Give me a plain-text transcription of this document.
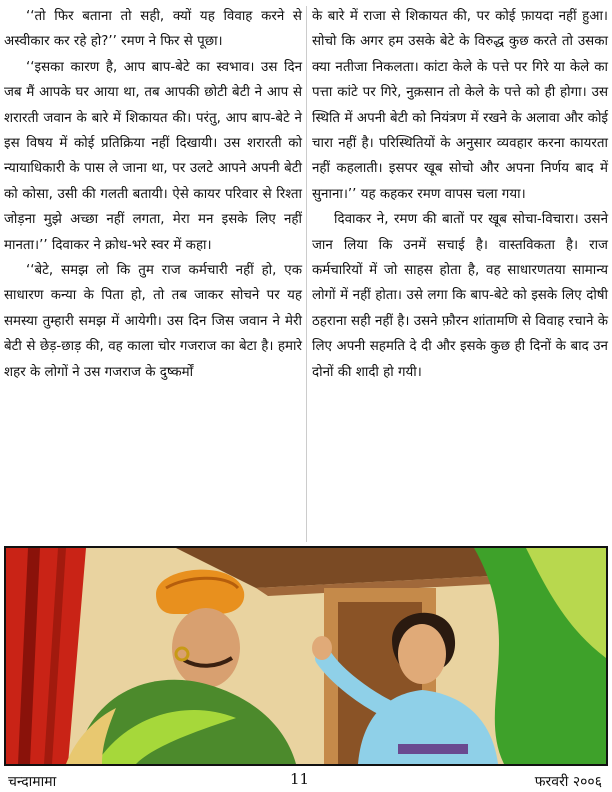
‘‘तो फिर बताना तो सही, क्यों यह विवाह करने से अस्वीकार कर रहे हो?’’ रमण ने फिर से पूछा।

‘‘इसका कारण है, आप बाप-बेटे का स्वभाव। उस दिन जब मैं आपके घर आया था, तब आपकी छोटी बेटी ने आप से शरारती जवान के बारे में शिकायत की। परंतु, आप बाप-बेटे ने इस विषय में कोई प्रतिक्रिया नहीं दिखायी। उस शरारती को न्यायाधिकारी के पास ले जाना था, पर उलटे आपने अपनी बेटी को कोसा, उसी की गलती बतायी। ऐसे कायर परिवार से रिश्ता जोड़ना मुझे अच्छा नहीं लगता, मेरा मन इसके लिए नहीं मानता।’’ दिवाकर ने क्रोध-भरे स्वर में कहा।

‘‘बेटे, समझ लो कि तुम राज कर्मचारी नहीं हो, एक साधारण कन्या के पिता हो, तो तब जाकर सोचने पर यह समस्या तुम्हारी समझ में आयेगी। उस दिन जिस जवान ने मेरी बेटी से छेड़-छाड़ की, वह काला चोर गजराज का बेटा है। हमारे शहर के लोगों ने उस गजराज के दुष्कर्मों

के बारे में राजा से शिकायत की, पर कोई फ़ायदा नहीं हुआ। सोचो कि अगर हम उसके बेटे के विरुद्ध कुछ करते तो उसका क्या नतीजा निकलता। कांटा केले के पत्ते पर गिरे या केले का पत्ता कांटे पर गिरे, नुक़सान तो केले के पत्ते को ही होगा। उस स्थिति में अपनी बेटी को नियंत्रण में रखने के अलावा और कोई चारा नहीं है। परिस्थितियों के अनुसार व्यवहार करना कायरता नहीं कहलाती। इसपर खूब सोचो और अपना निर्णय बाद में सुनाना।’’ यह कहकर रमण वापस चला गया।

दिवाकर ने, रमण की बातों पर खूब सोचा-विचारा। उसने जान लिया कि उनमें सचाई है। वास्तविकता है। राज कर्मचारियों में जो साहस होता है, वह साधारणतया सामान्य लोगों में नहीं होता। उसे लगा कि बाप-बेटे को इसके लिए दोषी ठहराना सही नहीं है। उसने फ़ौरन शांतामणि से विवाह रचाने के लिए अपनी सहमति दे दी और इसके कुछ ही दिनों के बाद उन दोनों की शादी हो गयी।

चन्दामामा	11	फरवरी २००६
